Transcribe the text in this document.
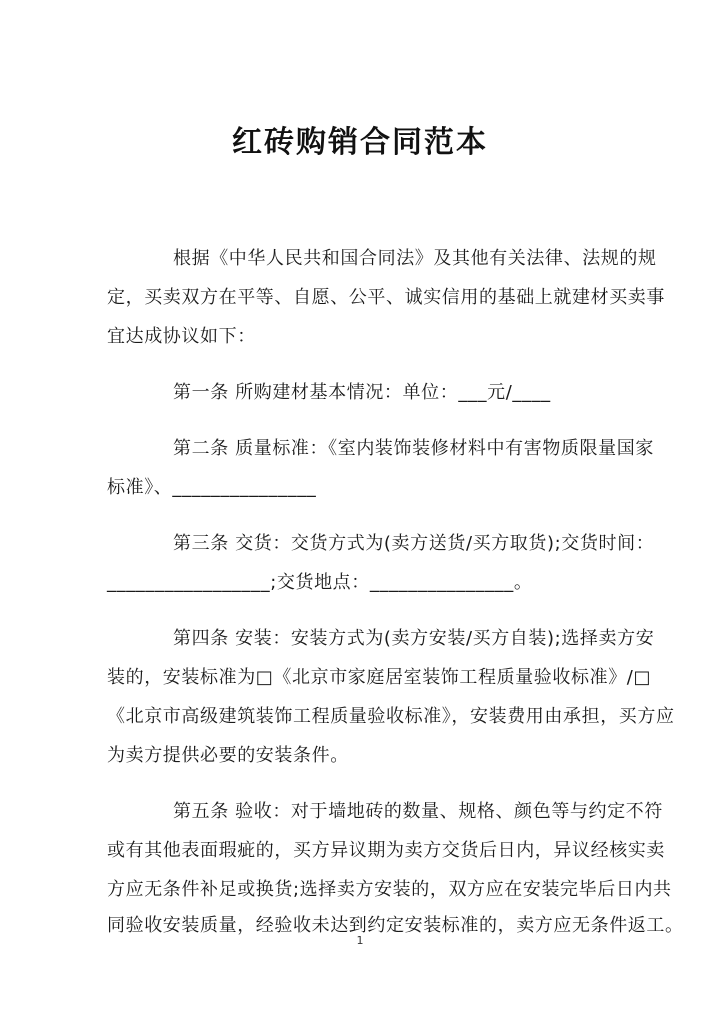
红砖购销合同范本
根据《中华人民共和国合同法》及其他有关法律、法规的规
定，买卖双方在平等、自愿、公平、诚实信用的基础上就建材买卖事
宜达成协议如下：
第一条 所购建材基本情况：单位：___元/____
第二条 质量标准：《室内装饰装修材料中有害物质限量国家
标准》、_______________
第三条 交货：交货方式为(卖方送货/买方取货);交货时间：
_________________;交货地点：_______________。
第四条 安装：安装方式为(卖方安装/买方自装);选择卖方安
装的，安装标准为□《北京市家庭居室装饰工程质量验收标准》/□
《北京市高级建筑装饰工程质量验收标准》，安装费用由承担，买方应
为卖方提供必要的安装条件。
第五条 验收：对于墙地砖的数量、规格、颜色等与约定不符
或有其他表面瑕疵的，买方异议期为卖方交货后日内，异议经核实卖
方应无条件补足或换货;选择卖方安装的，双方应在安装完毕后日内共
同验收安装质量，经验收未达到约定安装标准的，卖方应无条件返工。
1
